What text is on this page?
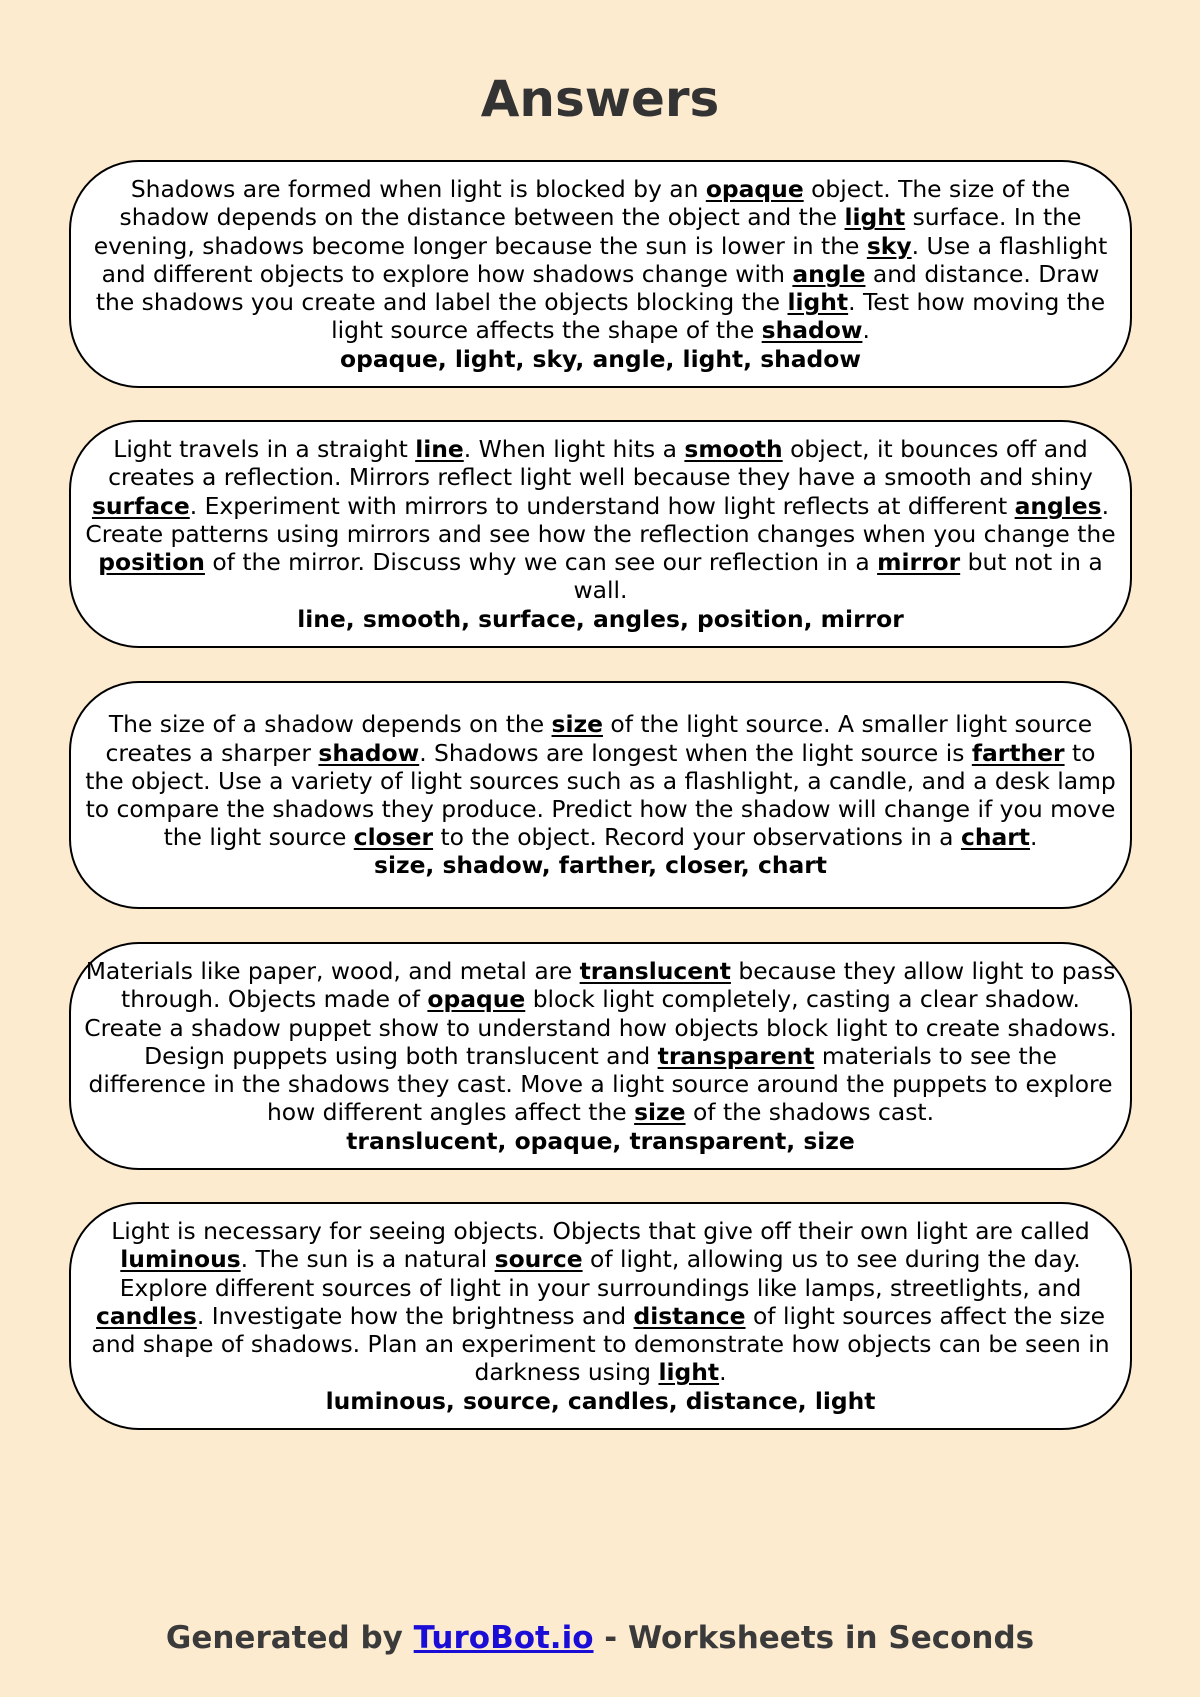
Answers

Shadows are formed when light is blocked by an opaque object. The size of the shadow depends on the distance between the object and the light surface. In the evening, shadows become longer because the sun is lower in the sky. Use a flashlight and different objects to explore how shadows change with angle and distance. Draw the shadows you create and label the objects blocking the light. Test how moving the light source affects the shape of the shadow.

opaque, light, sky, angle, light, shadow

Light travels in a straight line. When light hits a smooth object, it bounces off and creates a reflection. Mirrors reflect light well because they have a smooth and shiny surface. Experiment with mirrors to understand how light reflects at different angles. Create patterns using mirrors and see how the reflection changes when you change the position of the mirror. Discuss why we can see our reflection in a mirror but not in a wall.

line, smooth, surface, angles, position, mirror

The size of a shadow depends on the size of the light source. A smaller light source creates a sharper shadow. Shadows are longest when the light source is farther to the object. Use a variety of light sources such as a flashlight, a candle, and a desk lamp to compare the shadows they produce. Predict how the shadow will change if you move the light source closer to the object. Record your observations in a chart.

size, shadow, farther, closer, chart

Materials like paper, wood, and metal are translucent because they allow light to pass through. Objects made of opaque block light completely, casting a clear shadow. Create a shadow puppet show to understand how objects block light to create shadows. Design puppets using both translucent and transparent materials to see the difference in the shadows they cast. Move a light source around the puppets to explore how different angles affect the size of the shadows cast.

translucent, opaque, transparent, size

Light is necessary for seeing objects. Objects that give off their own light are called luminous. The sun is a natural source of light, allowing us to see during the day. Explore different sources of light in your surroundings like lamps, streetlights, and candles. Investigate how the brightness and distance of light sources affect the size and shape of shadows. Plan an experiment to demonstrate how objects can be seen in darkness using light.

luminous, source, candles, distance, light

Generated by TuroBot.io - Worksheets in Seconds
